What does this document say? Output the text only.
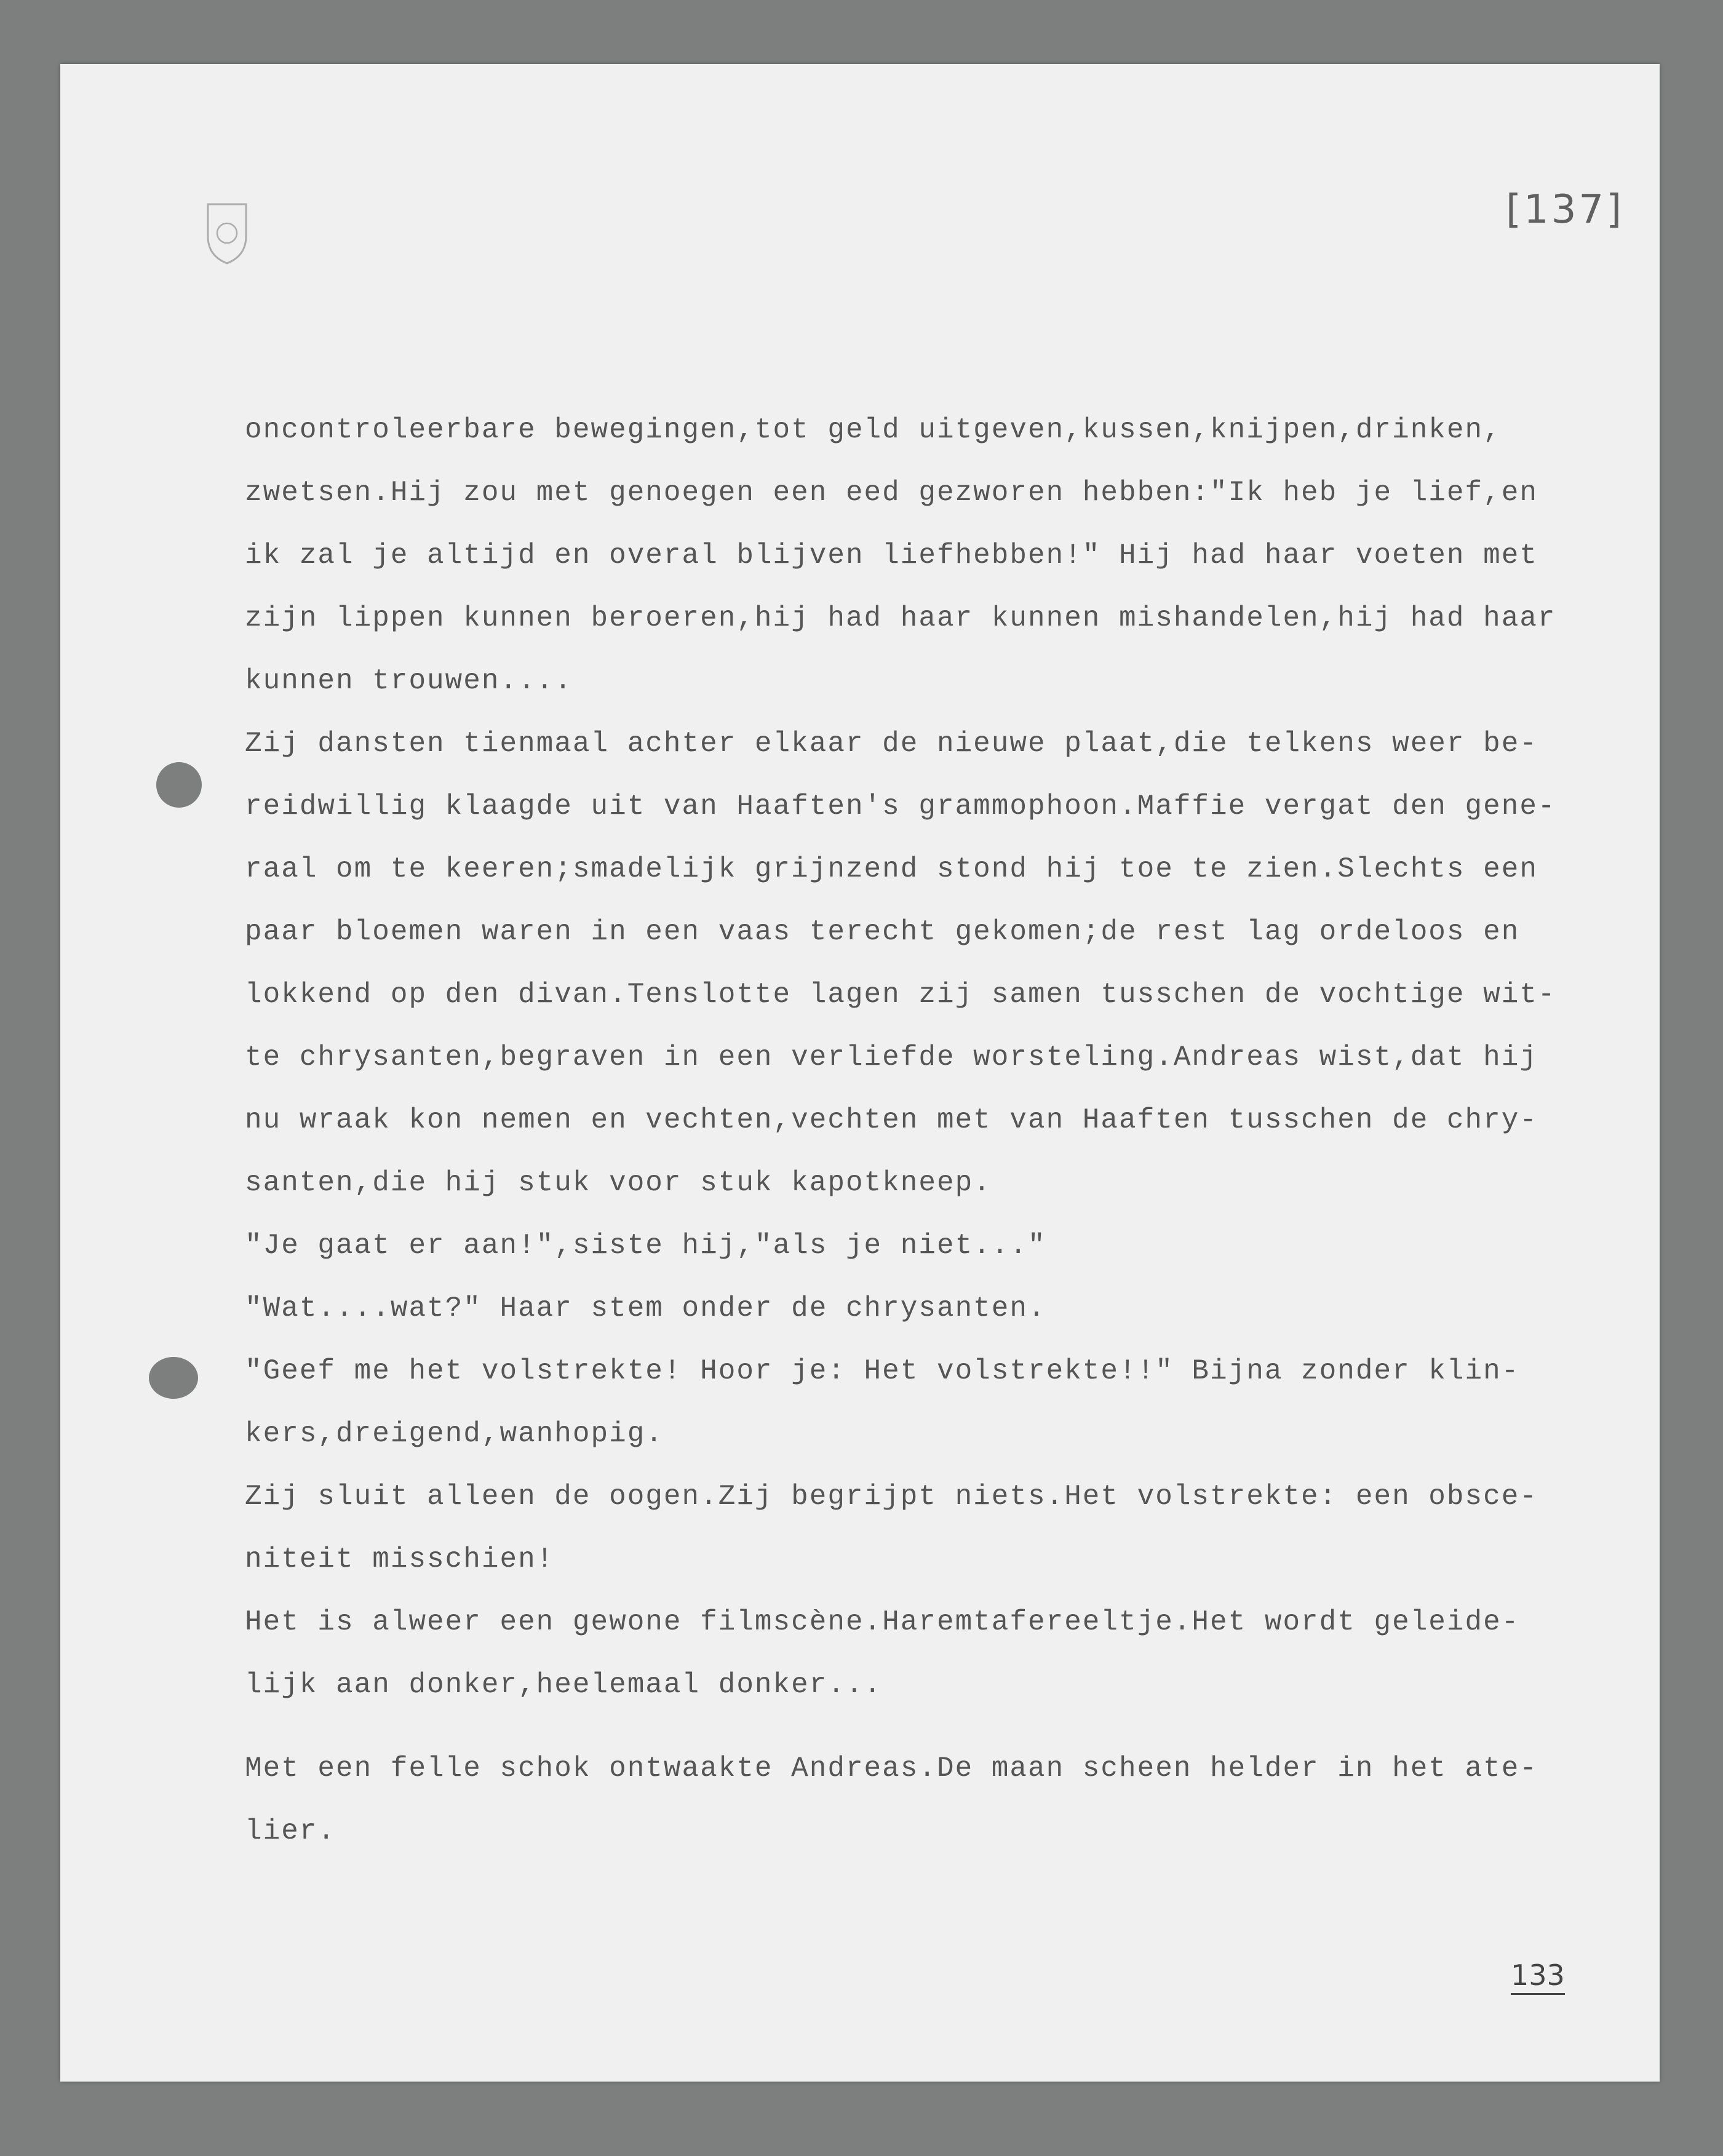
[137]
133
oncontroleerbare bewegingen,tot geld uitgeven,kussen,knijpen,drinken,
zwetsen.Hij zou met genoegen een eed gezworen hebben:"Ik heb je lief,en
ik zal je altijd en overal blijven liefhebben!" Hij had haar voeten met
zijn lippen kunnen beroeren,hij had haar kunnen mishandelen,hij had haar
kunnen trouwen....
Zij dansten tienmaal achter elkaar de nieuwe plaat,die telkens weer be-
reidwillig klaagde uit van Haaften's grammophoon.Maffie vergat den gene-
raal om te keeren;smadelijk grijnzend stond hij toe te zien.Slechts een
paar bloemen waren in een vaas terecht gekomen;de rest lag ordeloos en
lokkend op den divan.Tenslotte lagen zij samen tusschen de vochtige wit-
te chrysanten,begraven in een verliefde worsteling.Andreas wist,dat hij
nu wraak kon nemen en vechten,vechten met van Haaften tusschen de chry-
santen,die hij stuk voor stuk kapotkneep.
"Je gaat er aan!",siste hij,"als je niet..."
"Wat....wat?" Haar stem onder de chrysanten.
"Geef me het volstrekte! Hoor je: Het volstrekte!!" Bijna zonder klin-
kers,dreigend,wanhopig.
Zij sluit alleen de oogen.Zij begrijpt niets.Het volstrekte: een obsce-
niteit misschien!
Het is alweer een gewone filmscène.Haremtafereeltje.Het wordt geleide-
lijk aan donker,heelemaal donker...
Met een felle schok ontwaakte Andreas.De maan scheen helder in het ate-
lier.
